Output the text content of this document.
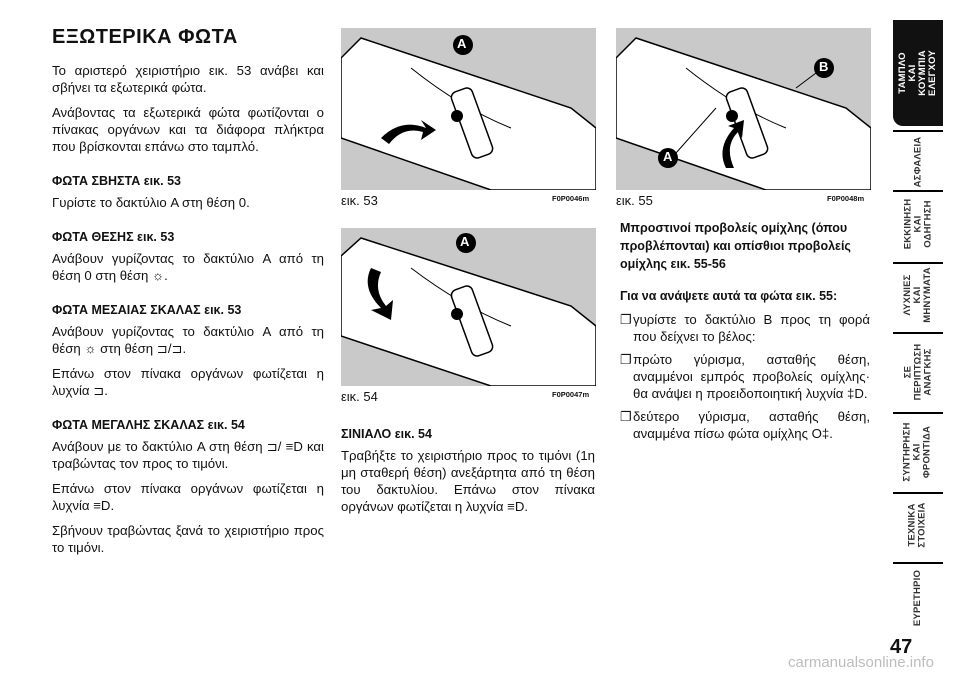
ΕΞΩΤΕΡΙΚΑ ΦΩΤΑ

Το αριστερό χειριστήριο εικ. 53 ανάβει και σβήνει τα εξωτερικά φώτα.

Ανάβοντας τα εξωτερικά φώτα φωτίζονται ο πίνακας οργάνων και τα διάφορα πλήκτρα που βρίσκονται επάνω στο ταμπλό.

ΦΩΤΑ ΣΒΗΣΤΑ εικ. 53

Γυρίστε το δακτύλιο A στη θέση 0.

ΦΩΤΑ ΘΕΣΗΣ εικ. 53

Ανάβουν γυρίζοντας το δακτύλιο A από τη θέση 0 στη θέση ☼.

ΦΩΤΑ ΜΕΣΑΙΑΣ ΣΚΑΛΑΣ εικ. 53

Ανάβουν γυρίζοντας το δακτύλιο A από τη θέση ☼ στη θέση ⊐/⊐.

Επάνω στον πίνακα οργάνων φωτίζεται η λυχνία ⊐.

ΦΩΤΑ ΜΕΓΑΛΗΣ ΣΚΑΛΑΣ εικ. 54

Ανάβουν με το δακτύλιο A στη θέση ⊐/ ≡D και τραβώντας τον προς το τιμόνι.

Επάνω στον πίνακα οργάνων φωτίζεται η λυχνία ≡D.

Σβήνουν τραβώντας ξανά το χειριστήριο προς το τιμόνι.

A
εικ. 53	F0P0046m
A
εικ. 54	F0P0047m
B
A
εικ. 55	F0P0048m

ΣΙΝΙΑΛΟ εικ. 54

Τραβήξτε το χειριστήριο προς το τιμόνι (1η μη σταθερή θέση) ανεξάρτητα από τη θέση του δακτυλίου. Επάνω στον πίνακα οργάνων φωτίζεται η λυχνία ≡D.

Μπροστινοί προβολείς ομίχλης (όπου προβλέπονται) και οπίσθιοι προβολείς ομίχλης εικ. 55-56

Για να ανάψετε αυτά τα φώτα εικ. 55:

❐ γυρίστε το δακτύλιο B προς τη φορά που δείχνει το βέλος:

❐ πρώτο γύρισμα, ασταθής θέση, αναμμένοι εμπρός προβολείς ομίχλης· θα ανάψει η προειδοποιητική λυχνία ‡D.

❐ δεύτερο γύρισμα, ασταθής θέση, αναμμένα πίσω φώτα ομίχλης O‡.

ΤΑΜΠΛΟ ΚΑΙ
ΚΟΥΜΠΙΑ
ΕΛΕΓΧΟΥ
ΑΣΦΑΛΕΙΑ
ΕΚΚΙΝΗΣΗ
ΚΑΙ ΟΔΗΓΗΣΗ
ΛΥΧΝΙΕΣ ΚΑΙ
ΜΗΝΥΜΑΤΑ
ΣΕ ΠΕΡΙΠΤΩΣΗ
ΑΝΑΓΚΗΣ
ΣΥΝΤΗΡΗΣΗ
ΚΑΙ ΦΡΟΝΤΙΔΑ
ΤΕΧΝΙΚΑ
ΣΤΟΙΧΕΙΑ
ΕΥΡΕΤΗΡΙΟ
47
carmanualsonline.info
